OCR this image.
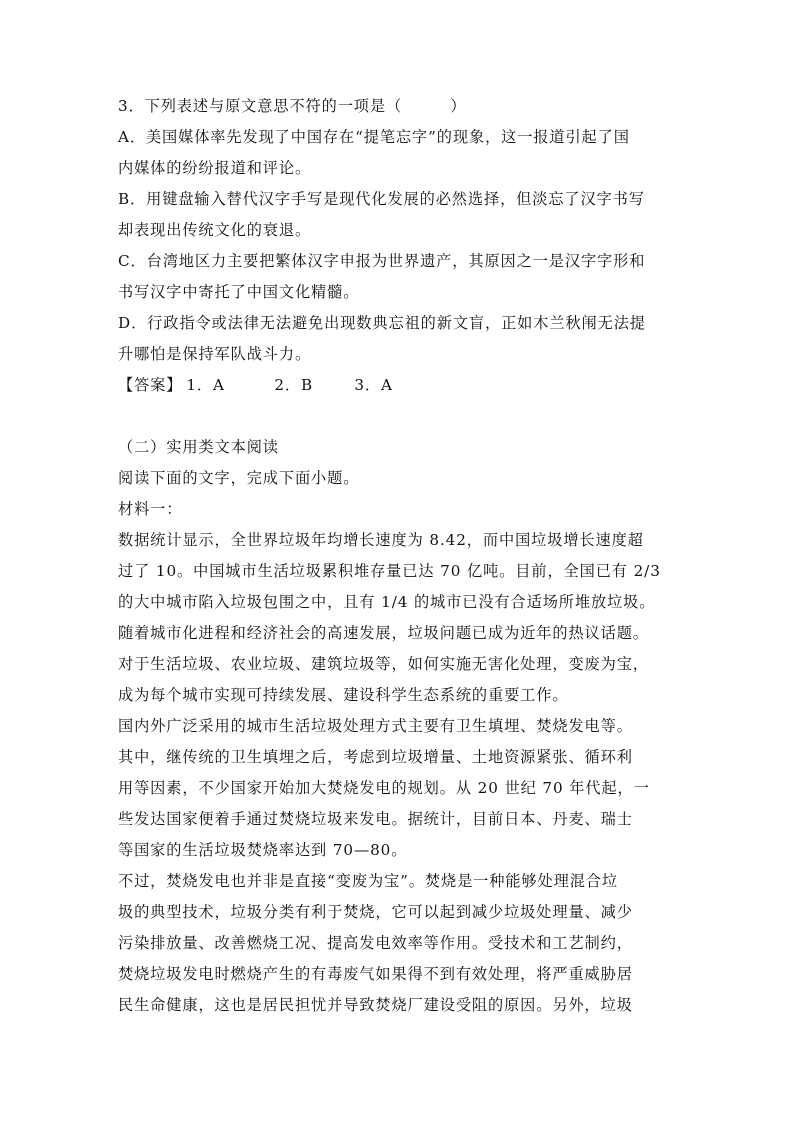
3．下列表述与原文意思不符的一项是（　　　）
A．美国媒体率先发现了中国存在“提笔忘字”的现象，这一报道引起了国
内媒体的纷纷报道和评论。
B．用键盘输入替代汉字手写是现代化发展的必然选择，但淡忘了汉字书写
却表现出传统文化的衰退。
C．台湾地区力主要把繁体汉字申报为世界遗产，其原因之一是汉字字形和
书写汉字中寄托了中国文化精髓。
D．行政指令或法律无法避免出现数典忘祖的新文盲，正如木兰秋闱无法提
升哪怕是保持军队战斗力。
【答案】 1．A	2．B	3．A
（二）实用类文本阅读
阅读下面的文字，完成下面小题。
材料一：
数据统计显示，全世界垃圾年均增长速度为 8.42，而中国垃圾增长速度超
过了 10。中国城市生活垃圾累积堆存量已达 70 亿吨。目前，全国已有 2/3
的大中城市陷入垃圾包围之中，且有 1/4 的城市已没有合适场所堆放垃圾。
随着城市化进程和经济社会的高速发展，垃圾问题已成为近年的热议话题。
对于生活垃圾、农业垃圾、建筑垃圾等，如何实施无害化处理，变废为宝，
成为每个城市实现可持续发展、建设科学生态系统的重要工作。
国内外广泛采用的城市生活垃圾处理方式主要有卫生填埋、焚烧发电等。
其中，继传统的卫生填埋之后，考虑到垃圾增量、土地资源紧张、循环利
用等因素，不少国家开始加大焚烧发电的规划。从 20 世纪 70 年代起，一
些发达国家便着手通过焚烧垃圾来发电。据统计，目前日本、丹麦、瑞士
等国家的生活垃圾焚烧率达到 70—80。
不过，焚烧发电也并非是直接“变废为宝”。焚烧是一种能够处理混合垃
圾的典型技术，垃圾分类有利于焚烧，它可以起到减少垃圾处理量、减少
污染排放量、改善燃烧工况、提高发电效率等作用。受技术和工艺制约，
焚烧垃圾发电时燃烧产生的有毒废气如果得不到有效处理，将严重威胁居
民生命健康，这也是居民担忧并导致焚烧厂建设受阻的原因。另外，垃圾
